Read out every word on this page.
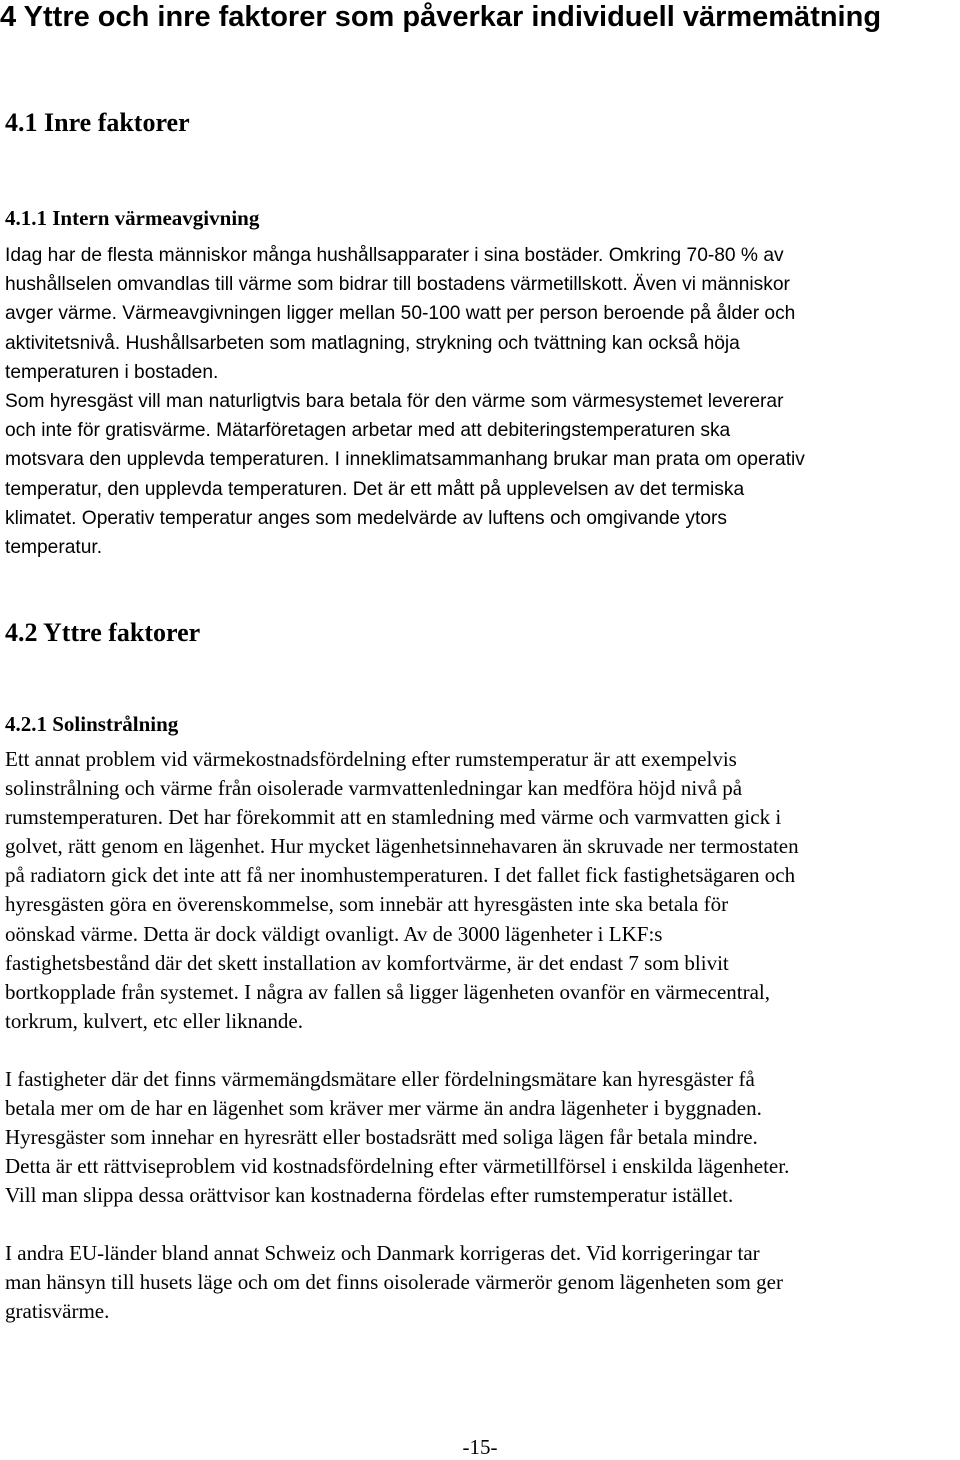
4 Yttre och inre faktorer som påverkar individuell värmemätning
4.1 Inre faktorer
4.1.1 Intern värmeavgivning
Idag har de flesta människor många hushållsapparater i sina bostäder. Omkring 70-80 % av
hushållselen omvandlas till värme som bidrar till bostadens värmetillskott. Även vi människor
avger värme. Värmeavgivningen ligger mellan 50-100 watt per person beroende på ålder och
aktivitetsnivå. Hushållsarbeten som matlagning, strykning och tvättning kan också höja
temperaturen i bostaden.
Som hyresgäst vill man naturligtvis bara betala för den värme som värmesystemet levererar
och inte för gratisvärme. Mätarföretagen arbetar med att debiteringstemperaturen ska
motsvara den upplevda temperaturen. I inneklimatsammanhang brukar man prata om operativ
temperatur, den upplevda temperaturen. Det är ett mått på upplevelsen av det termiska
klimatet. Operativ temperatur anges som medelvärde av luftens och omgivande ytors
temperatur.
4.2 Yttre faktorer
4.2.1 Solinstrålning
Ett annat problem vid värmekostnadsfördelning efter rumstemperatur är att exempelvis
solinstrålning och värme från oisolerade varmvattenledningar kan medföra höjd nivå på
rumstemperaturen. Det har förekommit att en stamledning med värme och varmvatten gick i
golvet, rätt genom en lägenhet. Hur mycket lägenhetsinnehavaren än skruvade ner termostaten
på radiatorn gick det inte att få ner inomhustemperaturen. I det fallet fick fastighetsägaren och
hyresgästen göra en överenskommelse, som innebär att hyresgästen inte ska betala för
oönskad värme. Detta är dock väldigt ovanligt. Av de 3000 lägenheter i LKF:s
fastighetsbestånd där det skett installation av komfortvärme, är det endast 7 som blivit
bortkopplade från systemet. I några av fallen så ligger lägenheten ovanför en värmecentral,
torkrum, kulvert, etc eller liknande.
I fastigheter där det finns värmemängdsmätare eller fördelningsmätare kan hyresgäster få
betala mer om de har en lägenhet som kräver mer värme än andra lägenheter i byggnaden.
Hyresgäster som innehar en hyresrätt eller bostadsrätt med soliga lägen får betala mindre.
Detta är ett rättviseproblem vid kostnadsfördelning efter värmetillförsel i enskilda lägenheter.
Vill man slippa dessa orättvisor kan kostnaderna fördelas efter rumstemperatur istället.
I andra EU-länder bland annat Schweiz och Danmark korrigeras det. Vid korrigeringar tar
man hänsyn till husets läge och om det finns oisolerade värmerör genom lägenheten som ger
gratisvärme.
-15-
